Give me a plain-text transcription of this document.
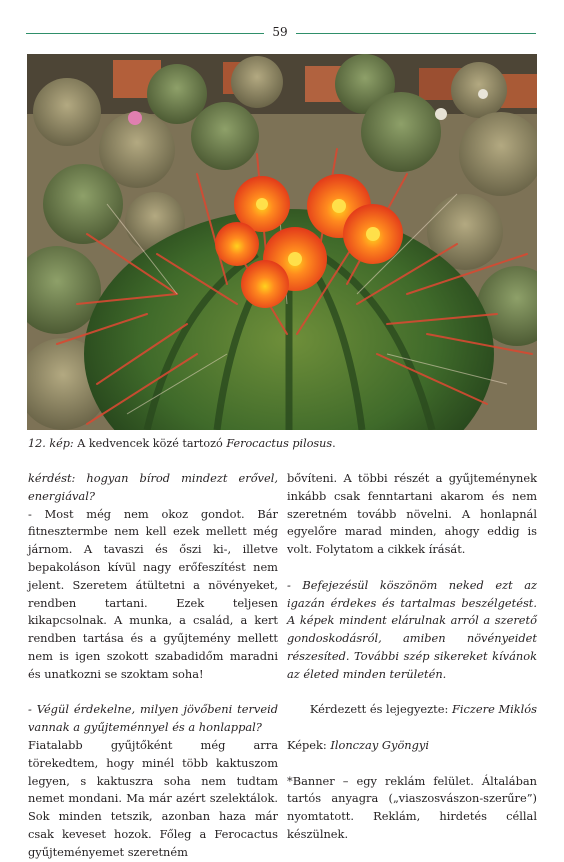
59
12. kép: A kedvencek közé tartozó Ferocactus pilosus.

kérdést: hogyan bírod mindezt erővel, energiával?

- Most még nem okoz gondot. Bár fitnesztermbe nem kell ezek mellett még járnom. A tavaszi és őszi ki-, illetve bepakoláson kívül nagy erőfeszítést nem jelent. Szeretem átültetni a növényeket, rendben tartani. Ezek teljesen kikapcsolnak. A munka, a család, a kert rendben tartása és a gyűjtemény mellett nem is igen szokott szabadidőm maradni és unatkozni se szoktam soha!

- Végül érdekelne, milyen jövőbeni terveid vannak a gyűjteménnyel és a honlappal?

Fiatalabb gyűjtőként még arra törekedtem, hogy minél több kaktuszom legyen, s kaktuszra soha nem tudtam nemet mondani. Ma már azért szelektálok. Sok minden tetszik, azonban haza már csak keveset hozok. Főleg a Ferocactus gyűjteményemet szeretném

bővíteni. A többi részét a gyűjteménynek inkább csak fenntartani akarom és nem szeretném tovább növelni. A honlapnál egyelőre marad minden, ahogy eddig is volt. Folytatom a cikkek írását.

- Befejezésül köszönöm neked ezt az igazán érdekes és tartalmas beszélgetést. A képek mindent elárulnak arról a szerető gondoskodásról, amiben növényeidet részesíted. További szép sikereket kívánok az életed minden területén.

Kérdezett és lejegyezte: Ficzere Miklós

Képek: Ilonczay Gyöngyi

*Banner – egy reklám felület. Általában tartós anyagra („viaszosvászon-szerűre”) nyomtatott. Reklám, hirdetés céllal készülnek.
